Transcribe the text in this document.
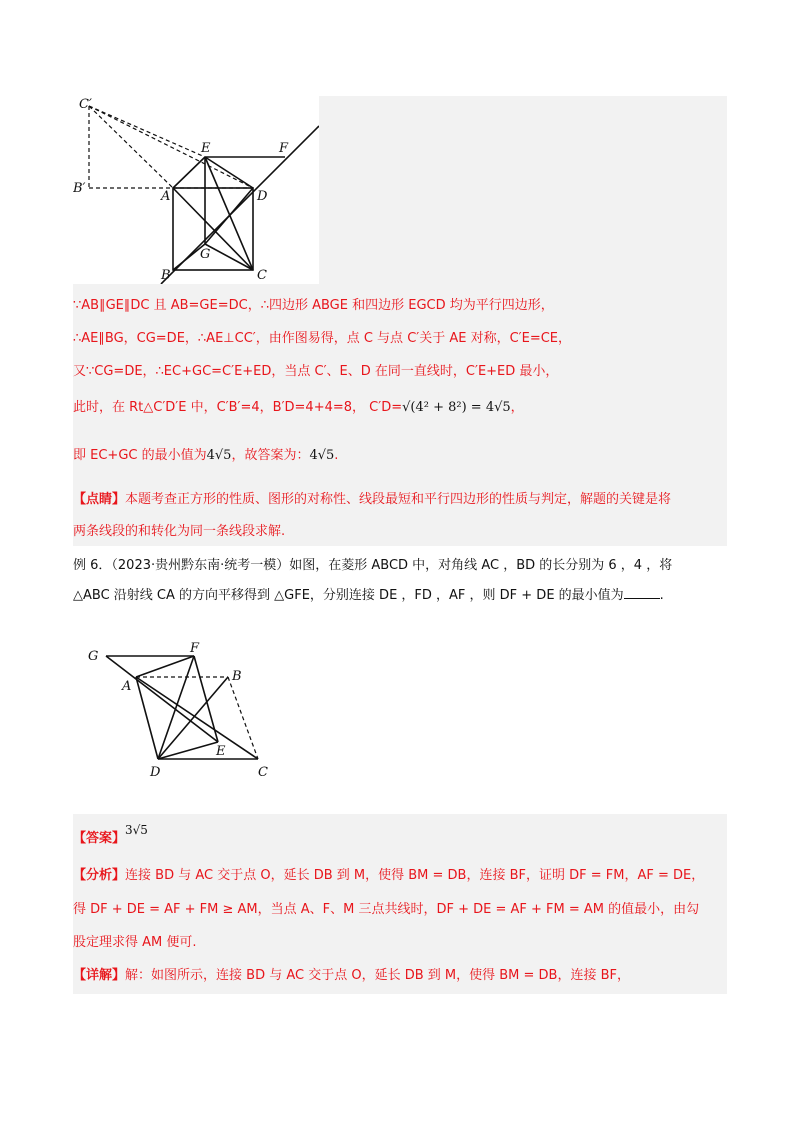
C′
E	F
B′
A	D
G
B	C
∵AB∥GE∥DC 且 AB=GE=DC，∴四边形 ABGE 和四边形 EGCD 均为平行四边形，
∴AE∥BG，CG=DE，∴AE⊥CC′，由作图易得，点 C 与点 C′关于 AE 对称，C′E=CE，
又∵CG=DE，∴EC+GC=C′E+ED，当点 C′、E、D 在同一直线时，C′E+ED 最小，
此时，在 Rt△C′D′E 中，C′B′=4，B′D=4+4=8， C′D=√(4² + 8²) = 4√5，
即 EC+GC 的最小值为4√5，故答案为：4√5.
【点睛】本题考查正方形的性质、图形的对称性、线段最短和平行四边形的性质与判定，解题的关键是将
两条线段的和转化为同一条线段求解.
例 6．（2023·贵州黔东南·统考一模）如图，在菱形 ABCD 中，对角线 AC ，BD 的长分别为 6 ，4 ，将
△ABC 沿射线 CA 的方向平移得到 △GFE，分别连接 DE ，FD ，AF ，则 DF + DE 的最小值为	.
G
F
A
B
E
D	C
【答案】3√5
【分析】连接 BD 与 AC 交于点 O，延长 DB 到 M，使得 BM = DB，连接 BF，证明 DF = FM，AF = DE，
得 DF + DE = AF + FM ≥ AM，当点 A、F、M 三点共线时，DF + DE = AF + FM = AM 的值最小，由勾
股定理求得 AM 便可.
【详解】解：如图所示，连接 BD 与 AC 交于点 O，延长 DB 到 M，使得 BM = DB，连接 BF，
